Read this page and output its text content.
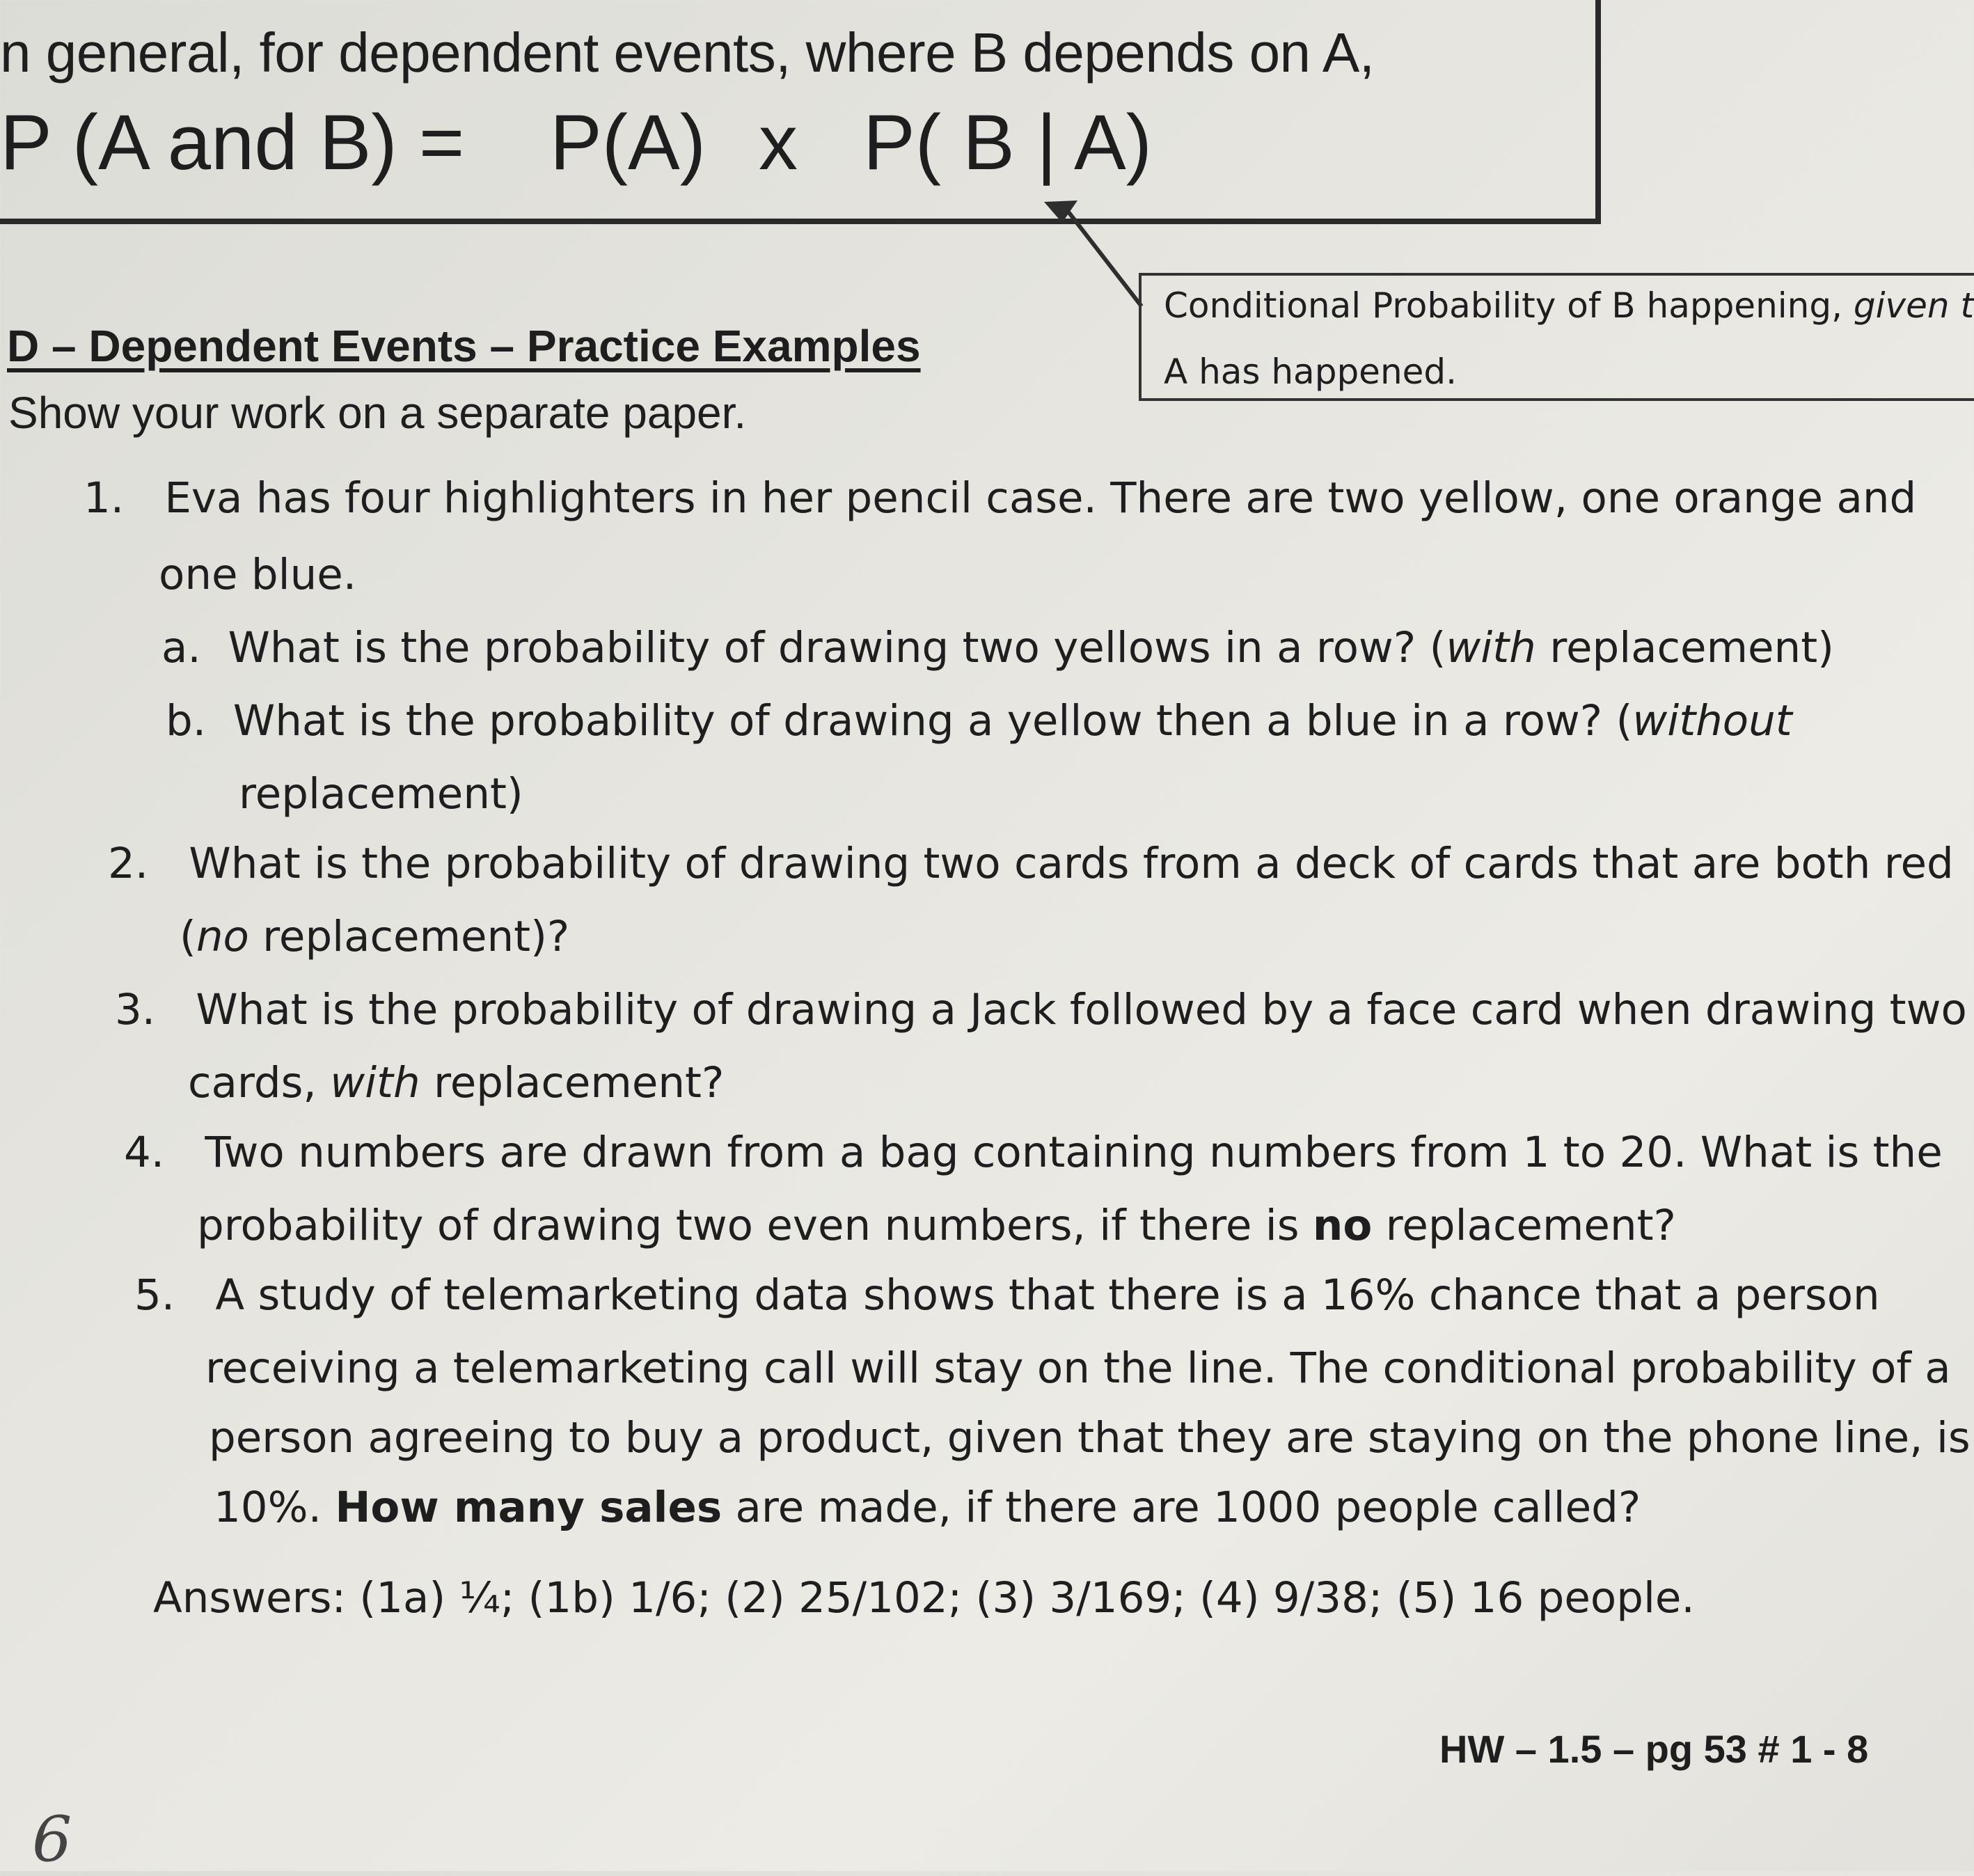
n general, for dependent events, where B depends on A,
P (A and B) = P(A) x P( B | A)
Conditional Probability of B happening, given t
A has happened.
D – Dependent Events – Practice Examples
Show your work on a separate paper.
1. Eva has four highlighters in her pencil case. There are two yellow, one orange and
one blue.
a. What is the probability of drawing two yellows in a row? (with replacement)
b. What is the probability of drawing a yellow then a blue in a row? (without
replacement)
2. What is the probability of drawing two cards from a deck of cards that are both red
(no replacement)?
3. What is the probability of drawing a Jack followed by a face card when drawing two
cards, with replacement?
4. Two numbers are drawn from a bag containing numbers from 1 to 20. What is the
probability of drawing two even numbers, if there is no replacement?
5. A study of telemarketing data shows that there is a 16% chance that a person
receiving a telemarketing call will stay on the line. The conditional probability of a
person agreeing to buy a product, given that they are staying on the phone line, is
10%. How many sales are made, if there are 1000 people called?
Answers: (1a) ¼; (1b) 1/6; (2) 25/102; (3) 3/169; (4) 9/38; (5) 16 people.
HW – 1.5 – pg 53 # 1 - 8
6
